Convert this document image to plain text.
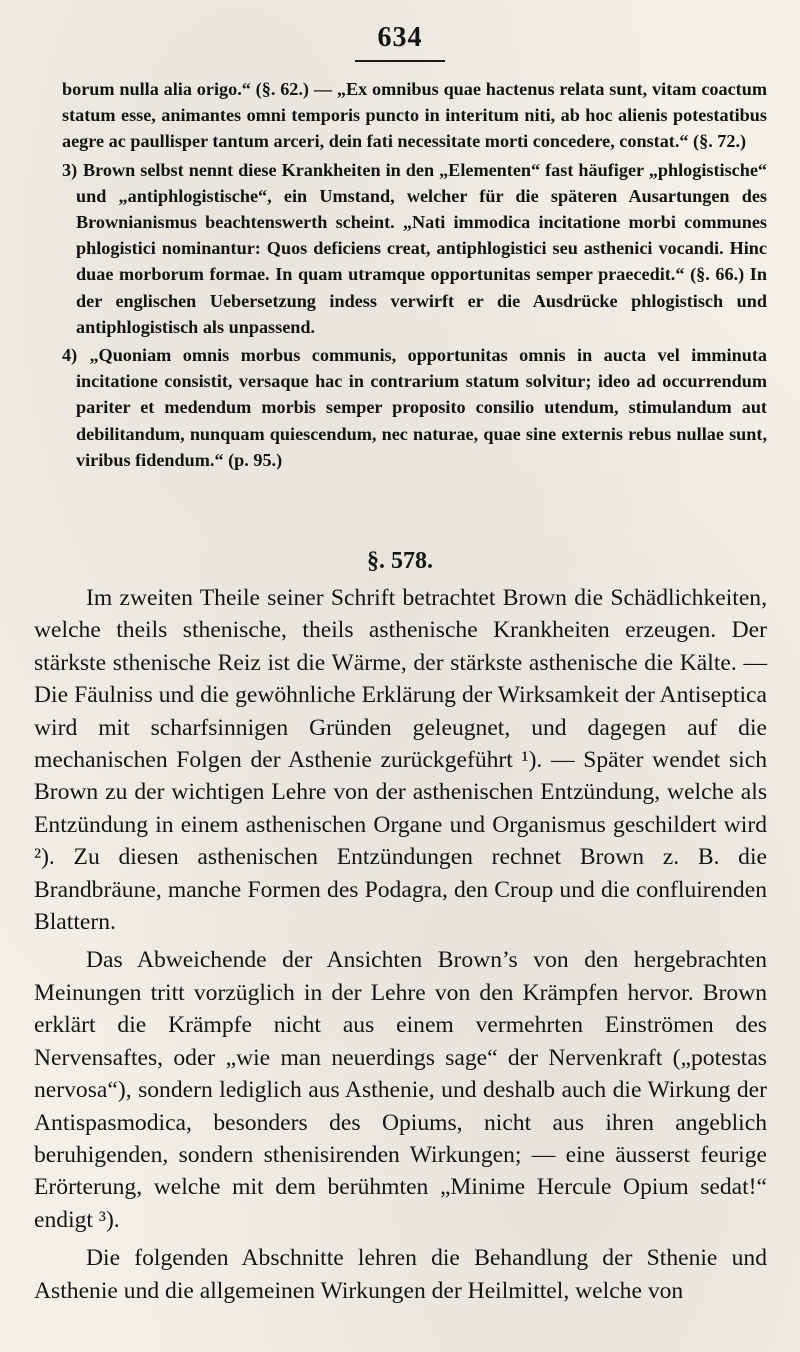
634

borum nulla alia origo.“ (§. 62.) — „Ex omnibus quae hactenus relata sunt, vitam coactum statum esse, animantes omni temporis puncto in interitum niti, ab hoc alienis potestatibus aegre ac paullisper tantum arceri, dein fati necessitate morti concedere, constat.“ (§. 72.)

3) Brown selbst nennt diese Krankheiten in den „Elementen“ fast häufiger „phlogistische“ und „antiphlogistische“, ein Umstand, welcher für die späteren Ausartungen des Brownianismus beachtenswerth scheint. „Nati immodica incitatione morbi communes phlogistici nominantur: Quos deficiens creat, antiphlogistici seu asthenici vocandi. Hinc duae morborum formae. In quam utramque opportunitas semper praecedit.“ (§. 66.) In der englischen Uebersetzung indess verwirft er die Ausdrücke phlogistisch und antiphlogistisch als unpassend.

4) „Quoniam omnis morbus communis, opportunitas omnis in aucta vel imminuta incitatione consistit, versaque hac in contrarium statum solvitur; ideo ad occurrendum pariter et medendum morbis semper proposito consilio utendum, stimulandum aut debilitandum, nunquam quiescendum, nec naturae, quae sine externis rebus nullae sunt, viribus fidendum.“ (p. 95.)

§. 578.

Im zweiten Theile seiner Schrift betrachtet Brown die Schädlichkeiten, welche theils sthenische, theils asthenische Krankheiten erzeugen. Der stärkste sthenische Reiz ist die Wärme, der stärkste asthenische die Kälte. — Die Fäulniss und die gewöhnliche Erklärung der Wirksamkeit der Antiseptica wird mit scharfsinnigen Gründen geleugnet, und dagegen auf die mechanischen Folgen der Asthenie zurückgeführt ¹). — Später wendet sich Brown zu der wichtigen Lehre von der asthenischen Entzündung, welche als Entzündung in einem asthenischen Organe und Organismus geschildert wird ²). Zu diesen asthenischen Entzündungen rechnet Brown z. B. die Brandbräune, manche Formen des Podagra, den Croup und die confluirenden Blattern.

Das Abweichende der Ansichten Brown’s von den hergebrachten Meinungen tritt vorzüglich in der Lehre von den Krämpfen hervor. Brown erklärt die Krämpfe nicht aus einem vermehrten Einströmen des Nervensaftes, oder „wie man neuerdings sage“ der Nervenkraft („potestas nervosa“), sondern lediglich aus Asthenie, und deshalb auch die Wirkung der Antispasmodica, besonders des Opiums, nicht aus ihren angeblich beruhigenden, sondern sthenisirenden Wirkungen; — eine äusserst feurige Erörterung, welche mit dem berühmten „Minime Hercule Opium sedat!“ endigt ³).

Die folgenden Abschnitte lehren die Behandlung der Sthenie und Asthenie und die allgemeinen Wirkungen der Heilmittel, welche von
